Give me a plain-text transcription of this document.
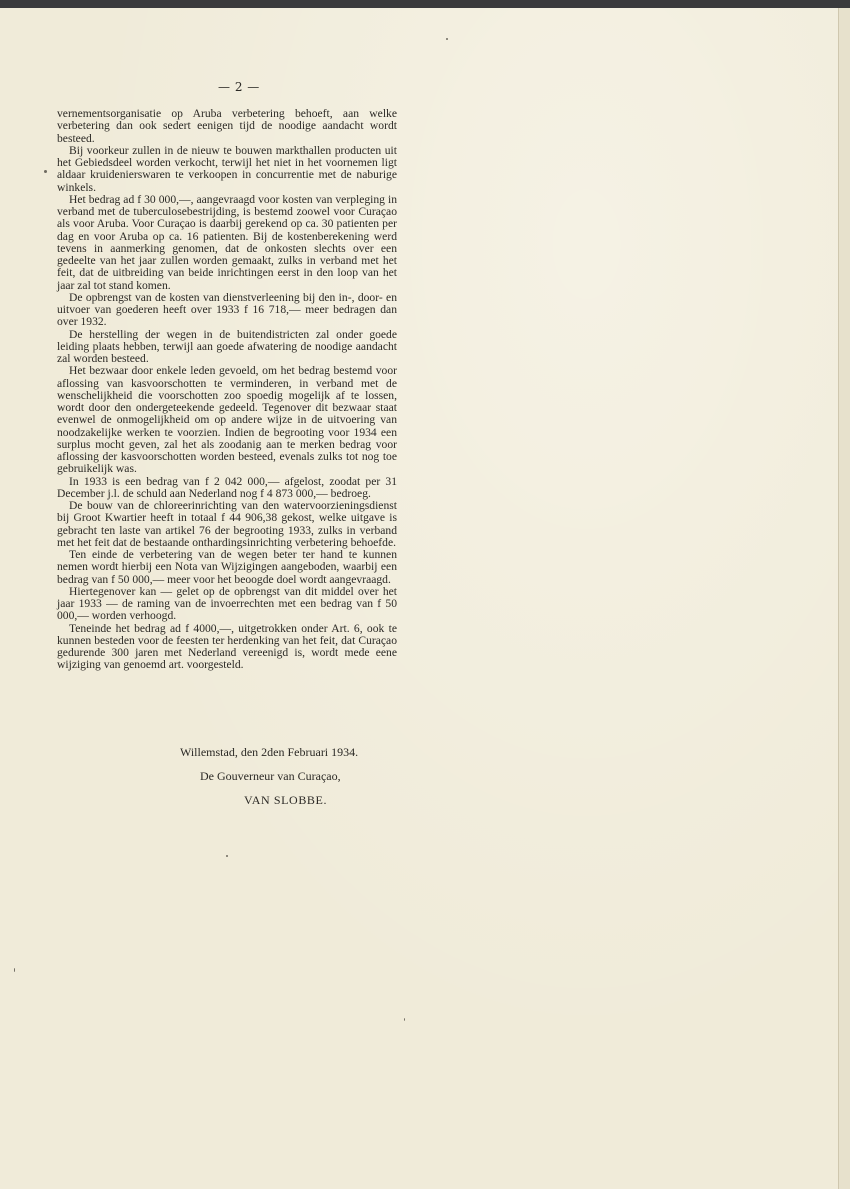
— 2 —

vernementsorganisatie op Aruba verbetering behoeft, aan welke verbetering dan ook sedert eenigen tijd de noodige aandacht wordt besteed.

Bij voorkeur zullen in de nieuw te bouwen markthallen producten uit het Gebiedsdeel worden verkocht, terwijl het niet in het voornemen ligt aldaar kruidenierswaren te verkoopen in concurrentie met de naburige winkels.

Het bedrag ad f 30 000,—, aangevraagd voor kosten van verpleging in verband met de tuberculosebestrijding, is bestemd zoowel voor Curaçao als voor Aruba. Voor Curaçao is daarbij gerekend op ca. 30 patienten per dag en voor Aruba op ca. 16 patienten. Bij de kostenberekening werd tevens in aanmerking genomen, dat de onkosten slechts over een gedeelte van het jaar zullen worden gemaakt, zulks in verband met het feit, dat de uitbreiding van beide inrichtingen eerst in den loop van het jaar zal tot stand komen.

De opbrengst van de kosten van dienstverleening bij den in-, door- en uitvoer van goederen heeft over 1933 f 16 718,— meer bedragen dan over 1932.

De herstelling der wegen in de buitendistricten zal onder goede leiding plaats hebben, terwijl aan goede afwatering de noodige aandacht zal worden besteed.

Het bezwaar door enkele leden gevoeld, om het bedrag bestemd voor aflossing van kasvoorschotten te verminderen, in verband met de wenschelijkheid die voorschotten zoo spoedig mogelijk af te lossen, wordt door den ondergeteekende gedeeld. Tegenover dit bezwaar staat evenwel de onmogelijkheid om op andere wijze in de uitvoering van noodzakelijke werken te voorzien. Indien de begrooting voor 1934 een surplus mocht geven, zal het als zoodanig aan te merken bedrag voor aflossing der kasvoorschotten worden besteed, evenals zulks tot nog toe gebruikelijk was.

In 1933 is een bedrag van f 2 042 000,— afgelost, zoodat per 31 December j.l. de schuld aan Nederland nog f 4 873 000,— bedroeg.

De bouw van de chloreerinrichting van den watervoorzieningsdienst bij Groot Kwartier heeft in totaal f 44 906,38 gekost, welke uitgave is gebracht ten laste van artikel 76 der begrooting 1933, zulks in verband met het feit dat de bestaande onthardingsinrichting verbetering behoefde.

Ten einde de verbetering van de wegen beter ter hand te kunnen nemen wordt hierbij een Nota van Wijzigingen aangeboden, waarbij een bedrag van f 50 000,— meer voor het beoogde doel wordt aangevraagd.

Hiertegenover kan — gelet op de opbrengst van dit middel over het jaar 1933 — de raming van de invoerrechten met een bedrag van f 50 000,— worden verhoogd.

Teneinde het bedrag ad f 4000,—, uitgetrokken onder Art. 6, ook te kunnen besteden voor de feesten ter herdenking van het feit, dat Curaçao gedurende 300 jaren met Nederland vereenigd is, wordt mede eene wijziging van genoemd art. voorgesteld.

Willemstad, den 2den Februari 1934.
De Gouverneur van Curaçao,
VAN SLOBBE.
